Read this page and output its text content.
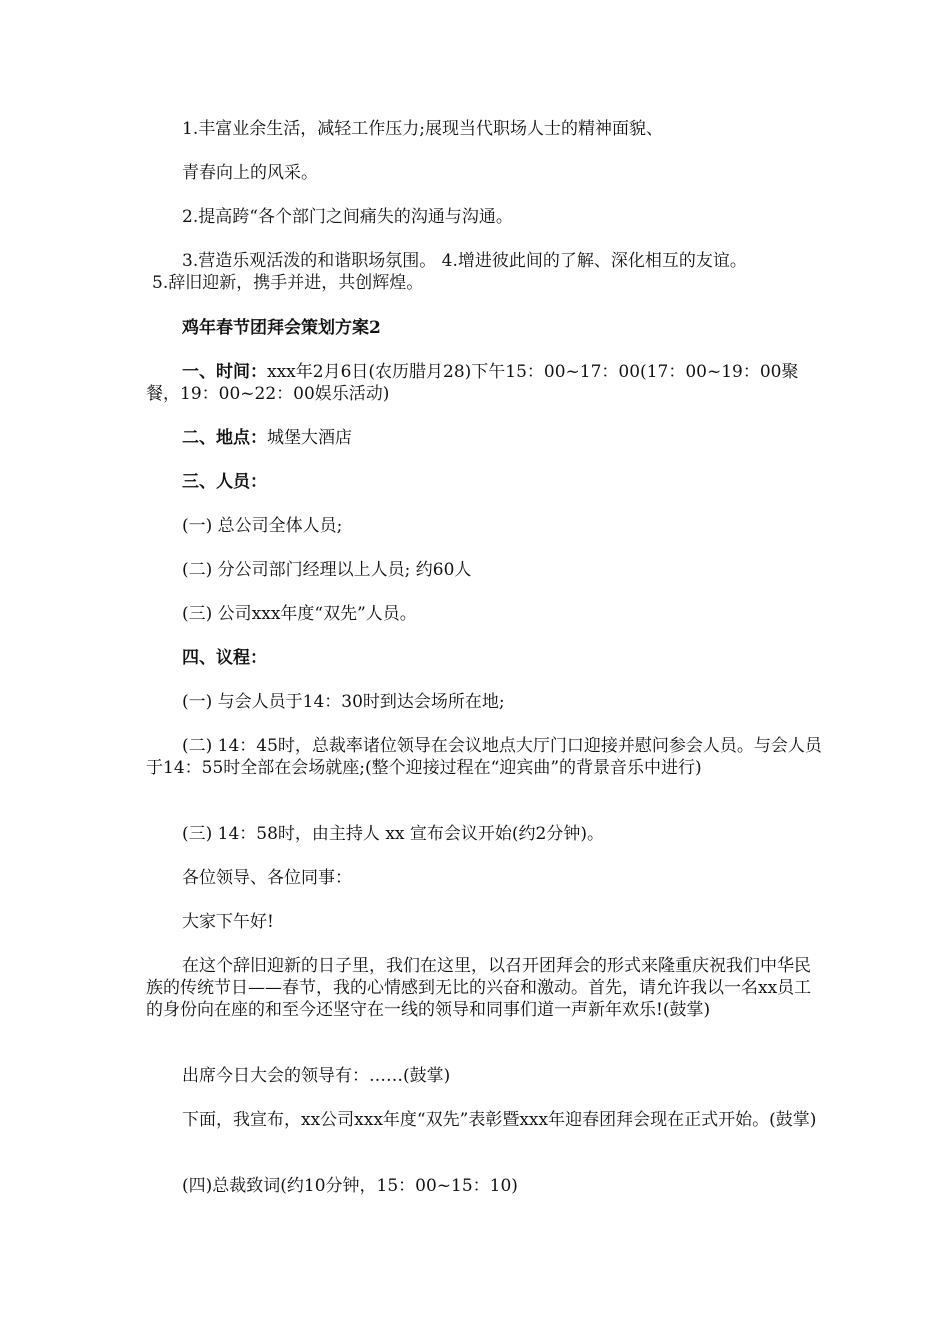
1.丰富业余生活，减轻工作压力;展现当代职场人士的精神面貌、
青春向上的风采。
2.提高跨“各个部门之间痛失的沟通与沟通。
3.营造乐观活泼的和谐职场氛围。 4.增进彼此间的了解、深化相互的友谊。
5.辞旧迎新，携手并进，共创辉煌。
鸡年春节团拜会策划方案2
一、时间：xxx年2月6日(农历腊月28)下午15：00~17：00(17：00~19：00聚餐，19：00~22：00娱乐活动)
二、地点：城堡大酒店
三、人员：
(一) 总公司全体人员;
(二) 分公司部门经理以上人员; 约60人
(三) 公司xxx年度“双先”人员。
四、议程：
(一) 与会人员于14：30时到达会场所在地;
(二) 14：45时，总裁率诸位领导在会议地点大厅门口迎接并慰问参会人员。与会人员于14：55时全部在会场就座;(整个迎接过程在“迎宾曲”的背景音乐中进行)
(三) 14：58时，由主持人 xx 宣布会议开始(约2分钟)。
各位领导、各位同事：
大家下午好!
在这个辞旧迎新的日子里，我们在这里，以召开团拜会的形式来隆重庆祝我们中华民族的传统节日——春节，我的心情感到无比的兴奋和激动。首先，请允许我以一名xx员工的身份向在座的和至今还坚守在一线的领导和同事们道一声新年欢乐!(鼓掌)
出席今日大会的领导有：……(鼓掌)
下面，我宣布，xx公司xxx年度“双先”表彰暨xxx年迎春团拜会现在正式开始。(鼓掌)
(四)总裁致词(约10分钟，15：00~15：10)
